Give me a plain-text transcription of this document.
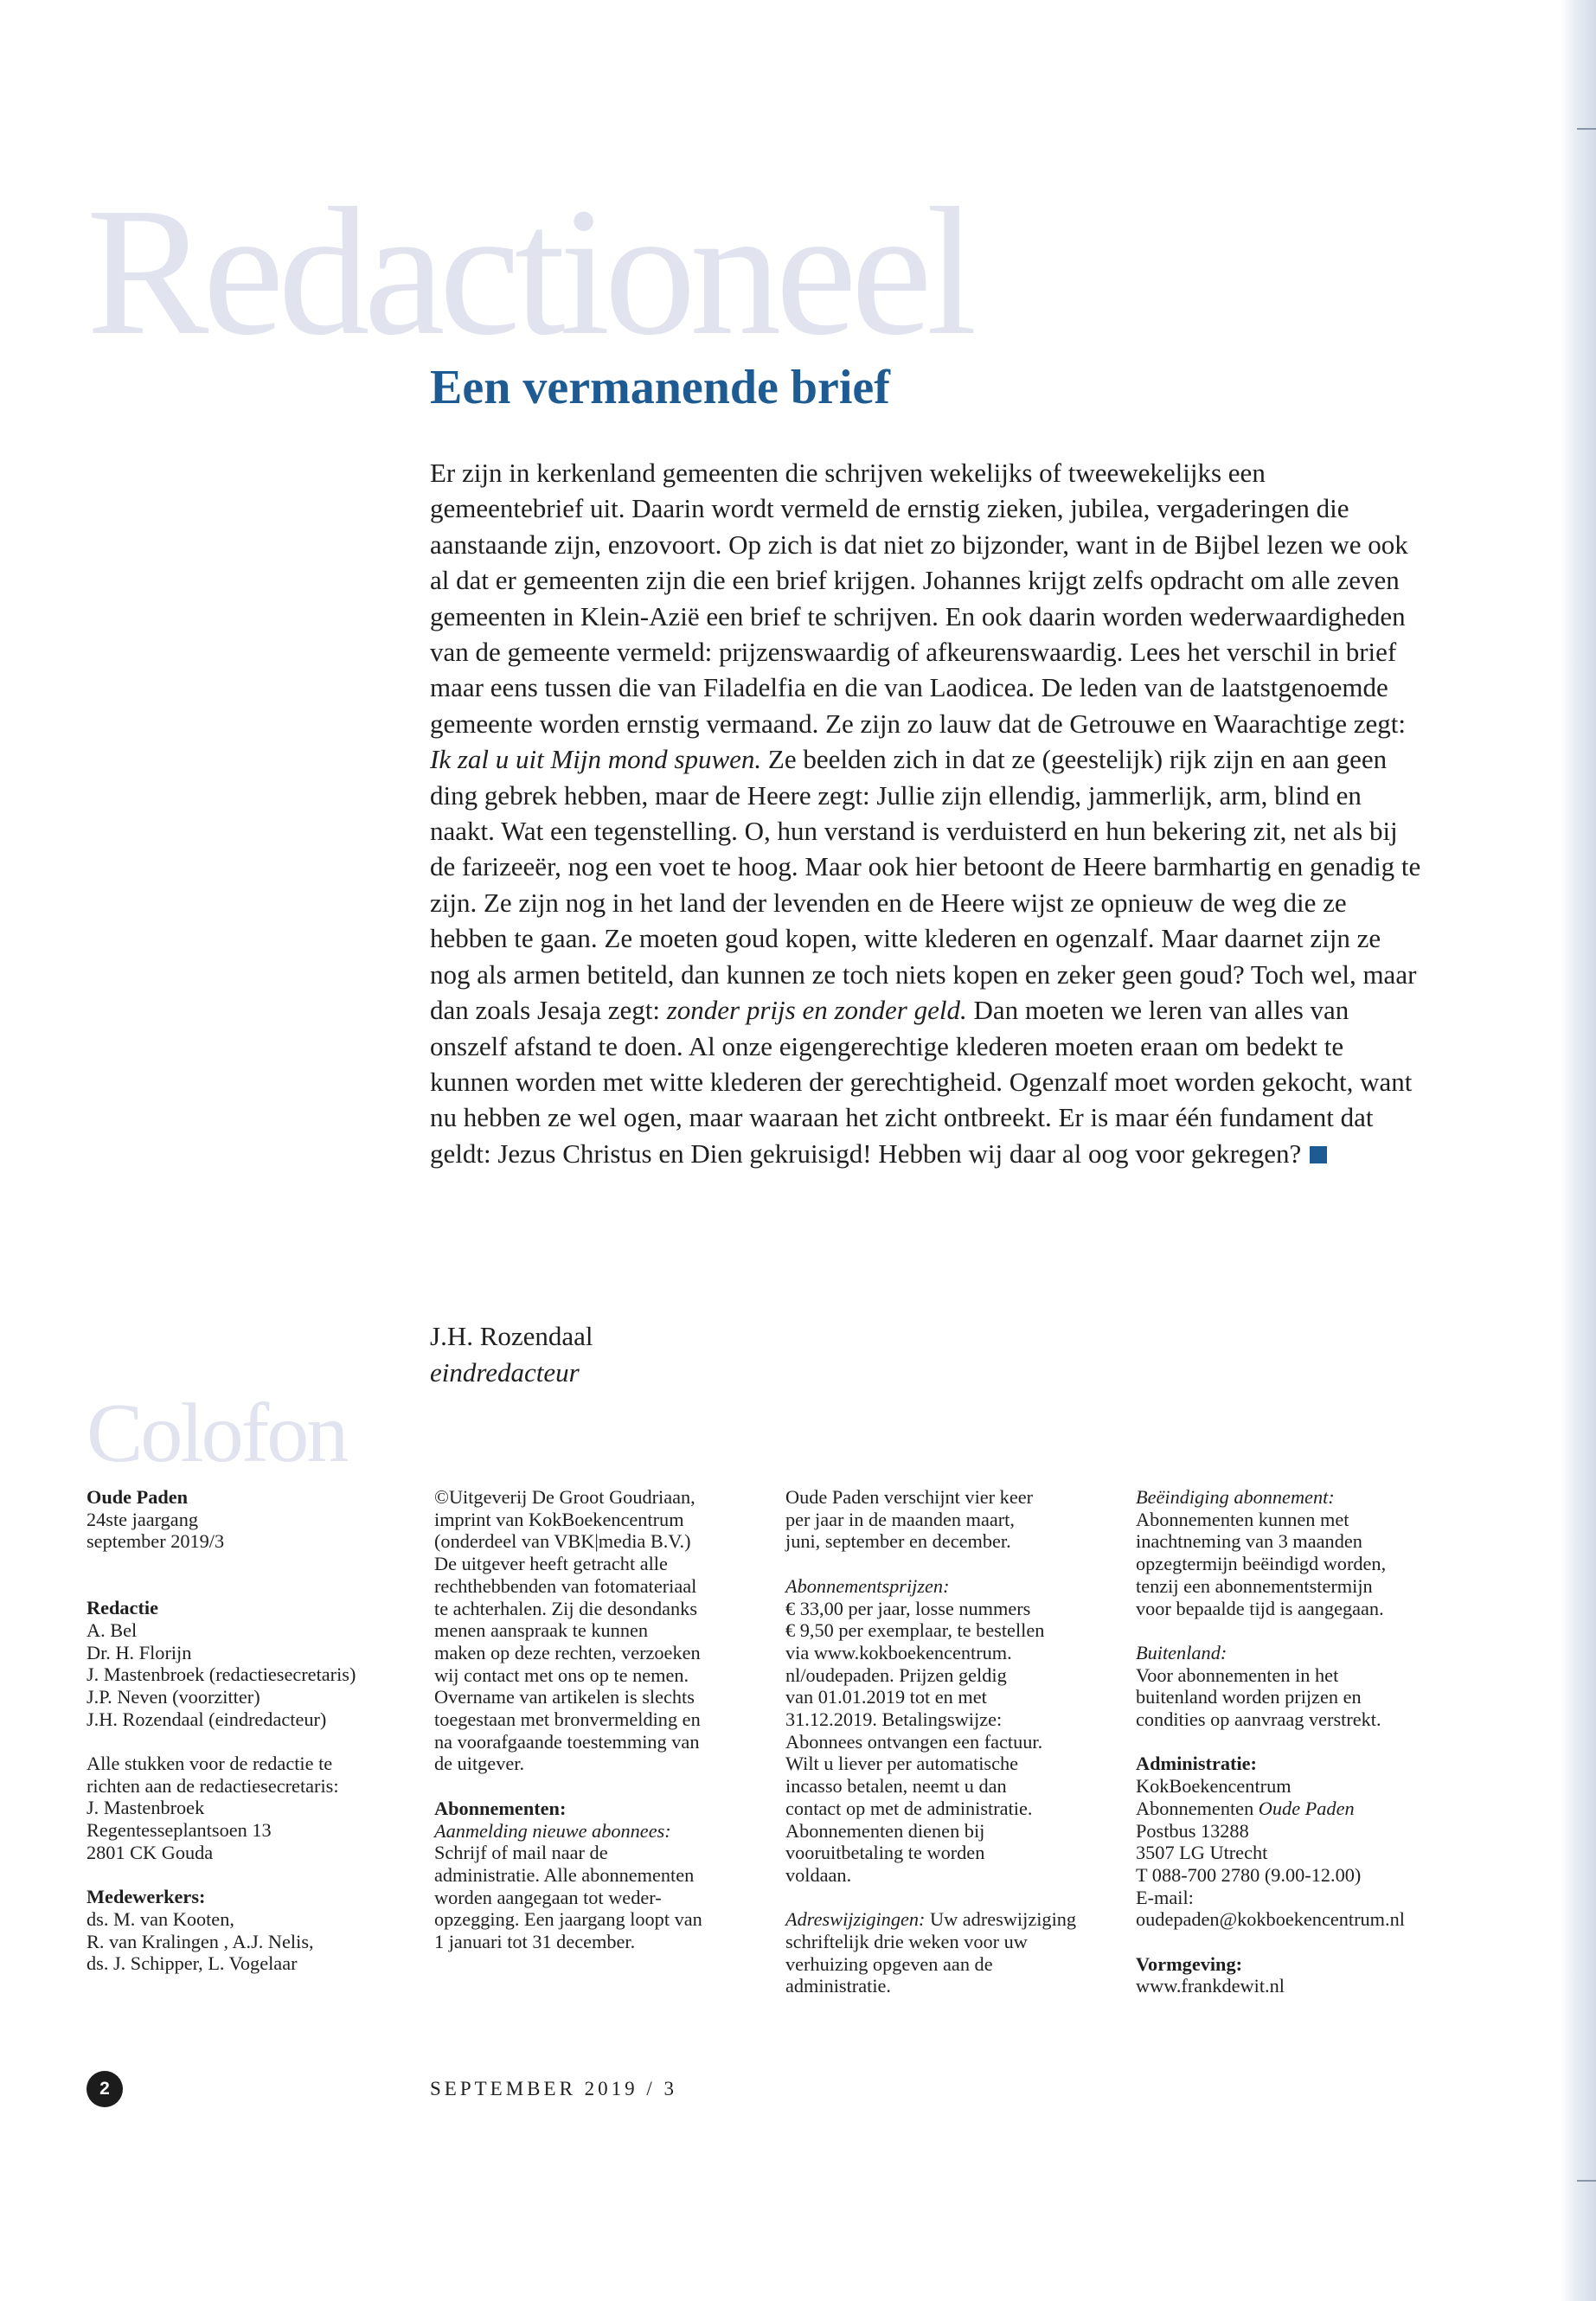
Redactioneel
Een vermanende brief

Er zijn in kerkenland gemeenten die schrijven wekelijks of tweewekelijks een gemeentebrief uit. Daarin wordt vermeld de ernstig zieken, jubilea, vergaderingen die aanstaande zijn, enzovoort. Op zich is dat niet zo bijzonder, want in de Bijbel lezen we ook al dat er gemeenten zijn die een brief krijgen. Johannes krijgt zelfs opdracht om alle zeven gemeenten in Klein-Azië een brief te schrijven. En ook daarin worden wederwaardigheden van de gemeente vermeld: prijzenswaardig of afkeurenswaardig. Lees het verschil in brief maar eens tussen die van Filadelfia en die van Laodicea. De leden van de laatstgenoemde gemeente worden ernstig vermaand. Ze zijn zo lauw dat de Getrouwe en Waarachtige zegt: Ik zal u uit Mijn mond spuwen. Ze beelden zich in dat ze (geestelijk) rijk zijn en aan geen ding gebrek hebben, maar de Heere zegt: Jullie zijn ellendig, jammerlijk, arm, blind en naakt. Wat een tegenstelling. O, hun verstand is verduisterd en hun bekering zit, net als bij de farizeeër, nog een voet te hoog. Maar ook hier betoont de Heere barmhartig en genadig te zijn. Ze zijn nog in het land der levenden en de Heere wijst ze opnieuw de weg die ze hebben te gaan. Ze moeten goud kopen, witte klederen en ogenzalf. Maar daarnet zijn ze nog als armen betiteld, dan kunnen ze toch niets kopen en zeker geen goud? Toch wel, maar dan zoals Jesaja zegt: zonder prijs en zonder geld. Dan moeten we leren van alles van onszelf afstand te doen. Al onze eigengerechtige klederen moeten eraan om bedekt te kunnen worden met witte klederen der gerechtigheid. Ogenzalf moet worden gekocht, want nu hebben ze wel ogen, maar waaraan het zicht ontbreekt. Er is maar één fundament dat geldt: Jezus Christus en Dien gekruisigd! Hebben wij daar al oog voor gekregen?

J.H. Rozendaal
eindredacteur
Colofon

Oude Paden
24ste jaargang
september 2019/3

Redactie
A. Bel
Dr. H. Florijn
J. Mastenbroek (redactiesecretaris)
J.P. Neven (voorzitter)
J.H. Rozendaal (eindredacteur)

Alle stukken voor de redactie te
richten aan de redactiesecretaris:
J. Mastenbroek
Regentesseplantsoen 13
2801 CK Gouda

Medewerkers:
ds. M. van Kooten,
R. van Kralingen , A.J. Nelis,
ds. J. Schipper, L. Vogelaar

©Uitgeverij De Groot Goudriaan,
imprint van KokBoekencentrum
(onderdeel van VBK|media B.V.)
De uitgever heeft getracht alle
rechthebbenden van fotomateriaal
te achterhalen. Zij die desondanks
menen aanspraak te kunnen
maken op deze rechten, verzoeken
wij contact met ons op te nemen.
Overname van artikelen is slechts
toegestaan met bronvermelding en
na voorafgaande toestemming van
de uitgever.

Abonnementen:
Aanmelding nieuwe abonnees:
Schrijf of mail naar de
administratie. Alle abonnementen
worden aangegaan tot weder-
opzegging. Een jaargang loopt van
1 januari tot 31 december.

Oude Paden verschijnt vier keer
per jaar in de maanden maart,
juni, september en december.

Abonnementsprijzen:
€ 33,00 per jaar, losse nummers
€ 9,50 per exemplaar, te bestellen
via www.kokboekencentrum.
nl/oudepaden. Prijzen geldig
van 01.01.2019 tot en met
31.12.2019. Betalingswijze:
Abonnees ontvangen een factuur.
Wilt u liever per automatische
incasso betalen, neemt u dan
contact op met de administratie.
Abonnementen dienen bij
vooruitbetaling te worden
voldaan.

Adreswijzigingen: Uw adreswijziging
schriftelijk drie weken voor uw
verhuizing opgeven aan de
administratie.

Beëindiging abonnement:
Abonnementen kunnen met
inachtneming van 3 maanden
opzegtermijn beëindigd worden,
tenzij een abonnementstermijn
voor bepaalde tijd is aangegaan.

Buitenland:
Voor abonnementen in het
buitenland worden prijzen en
condities op aanvraag verstrekt.

Administratie:
KokBoekencentrum
Abonnementen Oude Paden
Postbus 13288
3507 LG Utrecht
T 088-700 2780 (9.00-12.00)
E-mail:
oudepaden@kokboekencentrum.nl

Vormgeving:
www.frankdewit.nl

2	SEPTEMBER 2019 / 3
